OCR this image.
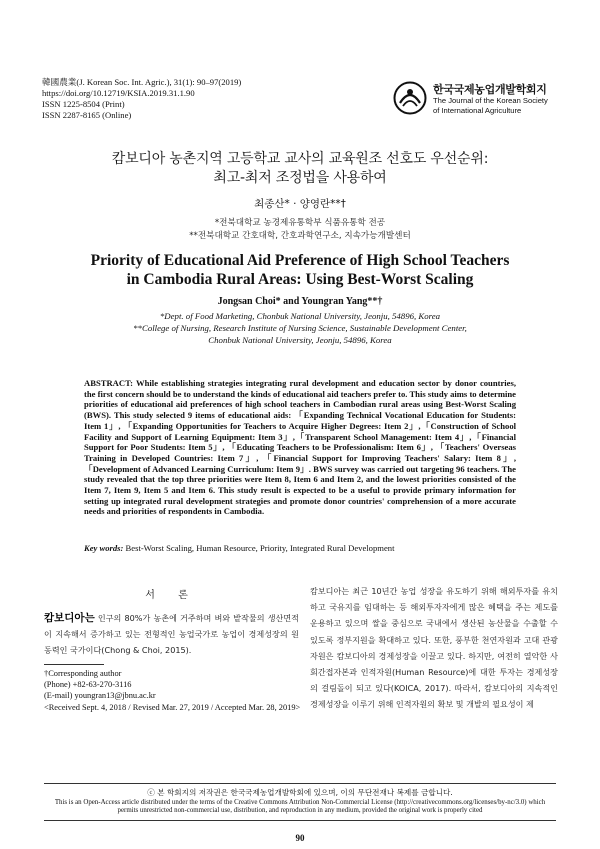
韓國農業(J. Korean Soc. Int. Agric.), 31(1): 90–97(2019)
https://doi.org/10.12719/KSIA.2019.31.1.90
ISSN 1225-8504 (Print)
ISSN 2287-8165 (Online)
한국국제농업개발학회지
The Journal of the Korean Society
of International Agriculture
캄보디아 농촌지역 고등학교 교사의 교육원조 선호도 우선순위:
최고-최저 조정법을 사용하여
최종산* · 양영란**†
*전북대학교 농경제유통학부 식품유통학 전공
**전북대학교 간호대학, 간호과학연구소, 지속가능개발센터
Priority of Educational Aid Preference of High School Teachers
in Cambodia Rural Areas: Using Best-Worst Scaling
Jongsan Choi* and Youngran Yang**†
*Dept. of Food Marketing, Chonbuk National University, Jeonju, 54896, Korea
**College of Nursing, Research Institute of Nursing Science, Sustainable Development Center,
Chonbuk National University, Jeonju, 54896, Korea
ABSTRACT: While establishing strategies integrating rural development and education sector by donor countries, the first concern should be to understand the kinds of educational aid teachers prefer to. This study aims to determine priorities of educational aid preferences of high school teachers in Cambodian rural areas using Best-Worst Scaling (BWS). This study selected 9 items of educational aids: 「Expanding Technical Vocational Education for Students: Item 1」, 「Expanding Opportunities for Teachers to Acquire Higher Degrees: Item 2」,「Construction of School Facility and Support of Learning Equipment: Item 3」,「Transparent School Management: Item 4」,「Financial Support for Poor Students: Item 5」, 「Educating Teachers to be Professionalism: Item 6」, 「Teachers' Overseas Training in Developed Countries: Item 7」, 「Financial Support for Improving Teachers' Salary: Item 8」, 「Development of Advanced Learning Curriculum: Item 9」. BWS survey was carried out targeting 96 teachers. The study revealed that the top three priorities were Item 8, Item 6 and Item 2, and the lowest priorities consisted of the Item 7, Item 9, Item 5 and Item 6. This study result is expected to be a useful to provide primary information for setting up integrated rural development strategies and promote donor countries' comprehension of a more accurate needs and priorities of respondents in Cambodia.
Key words: Best-Worst Scaling, Human Resource, Priority, Integrated Rural Development
서 론
캄보디아는 인구의 80%가 농촌에 거주하며 벼와 밭작물의 생산면적이 지속해서 증가하고 있는 전형적인 농업국가로 농업이 경제성장의 원동력인 국가이다(Chong & Choi, 2015).
†Corresponding author
(Phone) +82-63-270-3116
(E-mail) youngran13@jbnu.ac.kr
<Received Sept. 4, 2018 / Revised Mar. 27, 2019 / Accepted Mar. 28, 2019>
캄보디아는 최근 10년간 농업 성장을 유도하기 위해 해외투자를 유치하고 국유지를 임대하는 등 해외투자자에게 많은 혜택을 주는 제도를 운용하고 있으며 쌀을 중심으로 국내에서 생산된 농산물을 수출할 수 있도록 정부지원을 확대하고 있다. 또한, 풍부한 천연자원과 고대 관광자원은 캄보디아의 경제성장을 이끌고 있다. 하지만, 여전히 열악한 사회간접자본과 인적자원(Human Resource)에 대한 투자는 경제성장의 걸림돌이 되고 있다(KOICA, 2017). 따라서, 캄보디아의 지속적인 경제성장을 이루기 위해 인적자원의 확보 및 개발의 필요성이 제
ⓒ 본 학회지의 저작권은 한국국제농업개발학회에 있으며, 이의 무단전재나 복제를 금합니다.
This is an Open-Access article distributed under the terms of the Creative Commons Attribution Non-Commercial License (http://creativecommons.org/licenses/by-nc/3.0) which
permits unrestricted non-commercial use, distribution, and reproduction in any medium, provided the original work is properly cited
90
